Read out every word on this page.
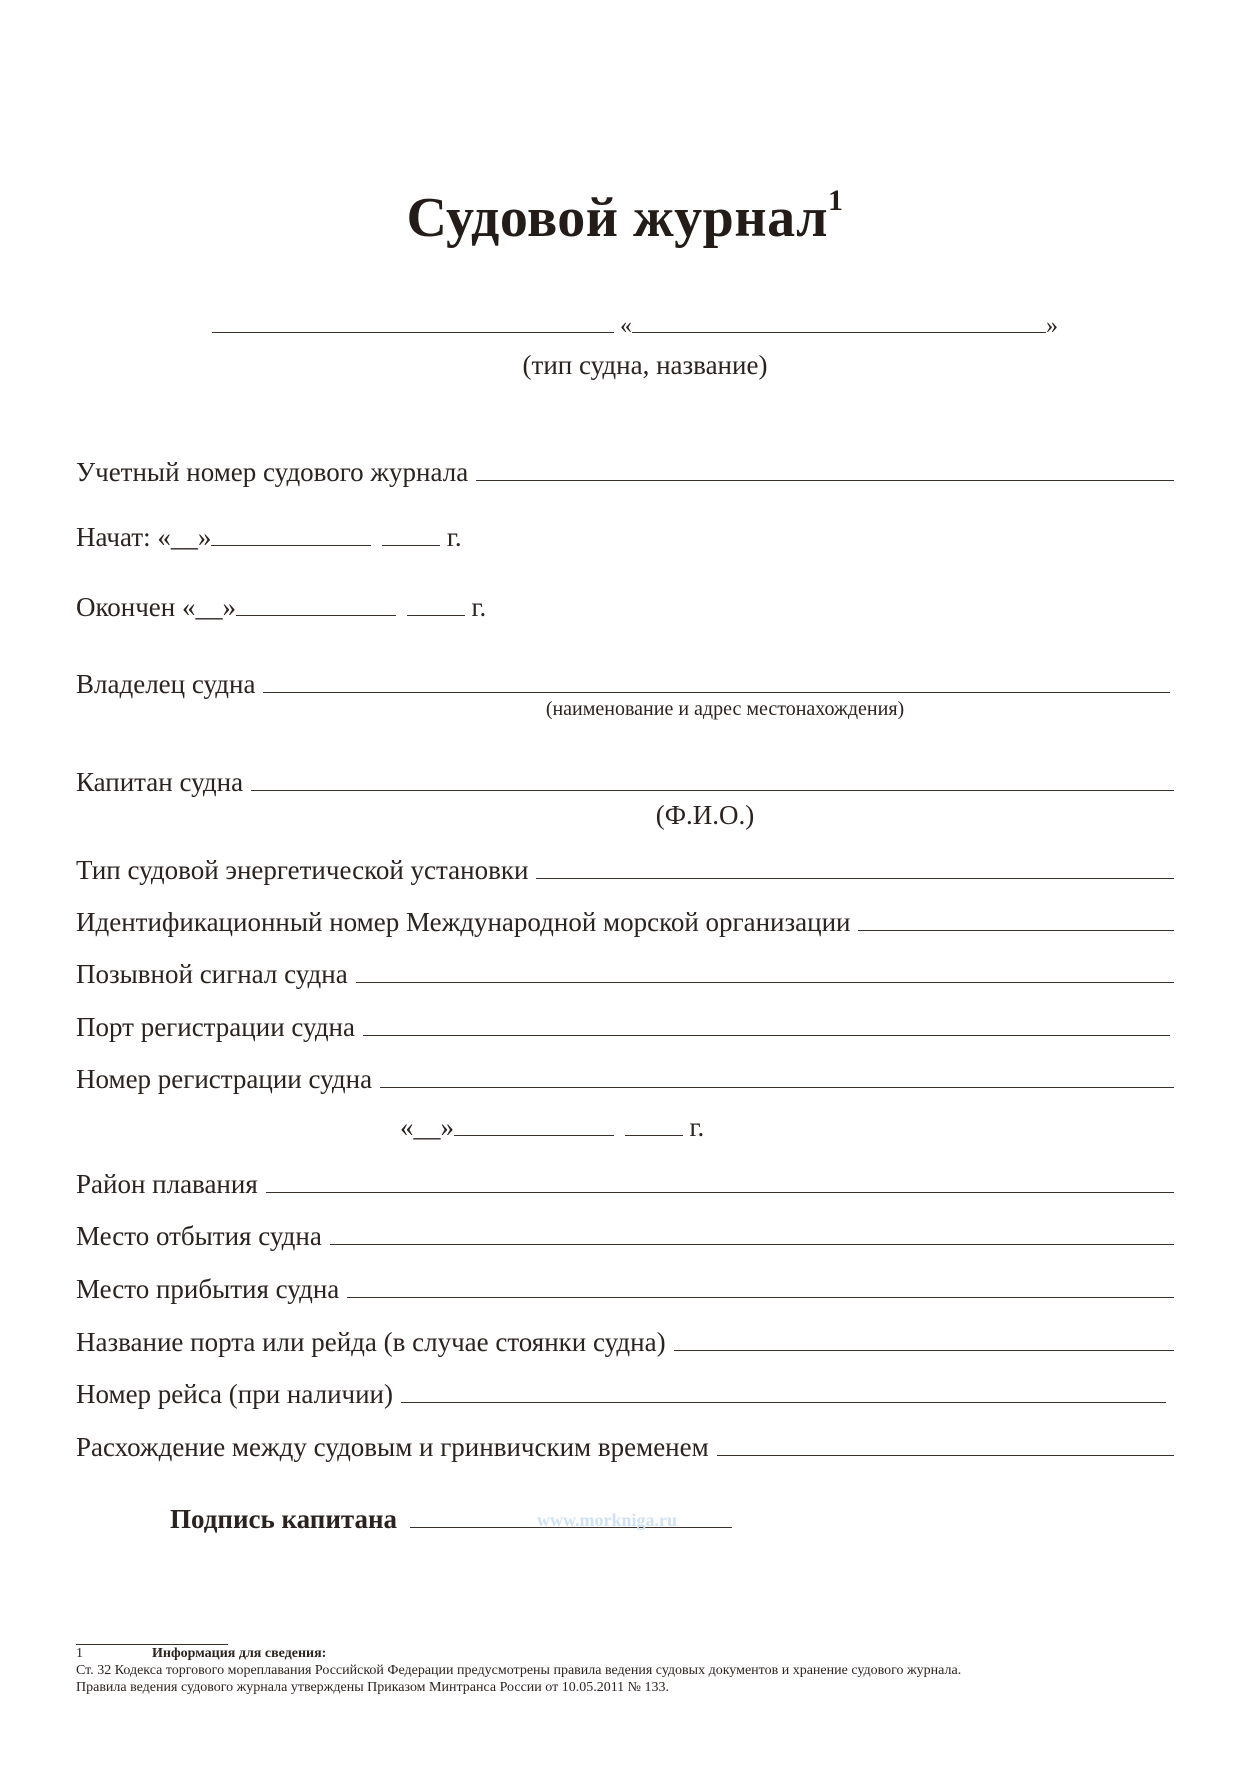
Судовой журнал$^1$
«	»
(тип судна, название)
Учетный номер судового журнала
Начат: «__»	г.
Окончен «__»	г.
Владелец судна
(наименование и адрес местонахождения)
Капитан судна
(Ф.И.О.)
Тип судовой энергетической установки
Идентификационный номер Международной морской организации
Позывной сигнал судна
Порт регистрации судна
Номер регистрации судна
«__»	г.
Район плавания
Место отбытия судна
Место прибытия судна
Название порта или рейда (в случае стоянки судна)
Номер рейса (при наличии)
Расхождение между судовым и гринвичским временем
Подпись капитана	www.morkniga.ru
1	Информация для сведения:
Ст. 32 Кодекса торгового мореплавания Российской Федерации предусмотрены правила ведения судовых документов и хранение судового журнала.
Правила ведения судового журнала утверждены Приказом Минтранса России от 10.05.2011 № 133.
